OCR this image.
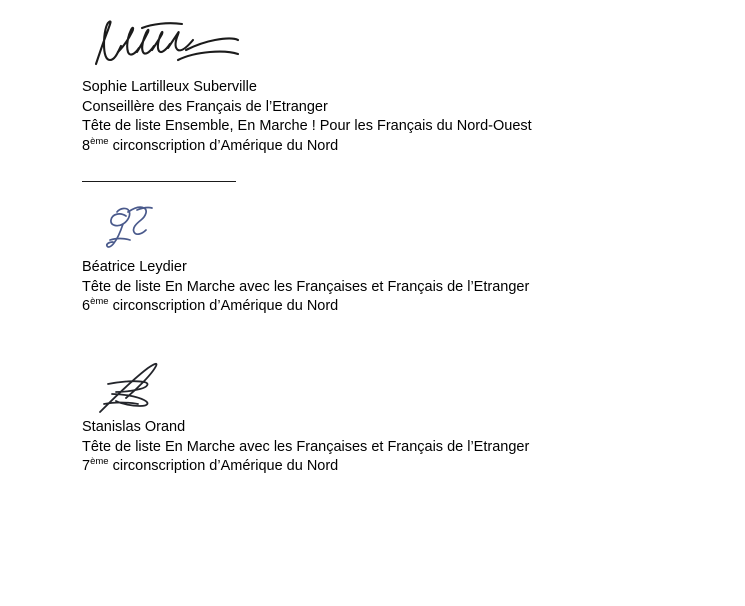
Sophie Lartilleux Suberville
Conseillère des Français de l’Etranger
Tête de liste Ensemble, En Marche ! Pour les Français du Nord-Ouest
8ème circonscription d’Amérique du Nord
Béatrice Leydier
Tête de liste En Marche avec les Françaises et Français de l’Etranger
6ème circonscription d’Amérique du Nord
Stanislas Orand
Tête de liste En Marche avec les Françaises et Français de l’Etranger
7ème circonscription d’Amérique du Nord
